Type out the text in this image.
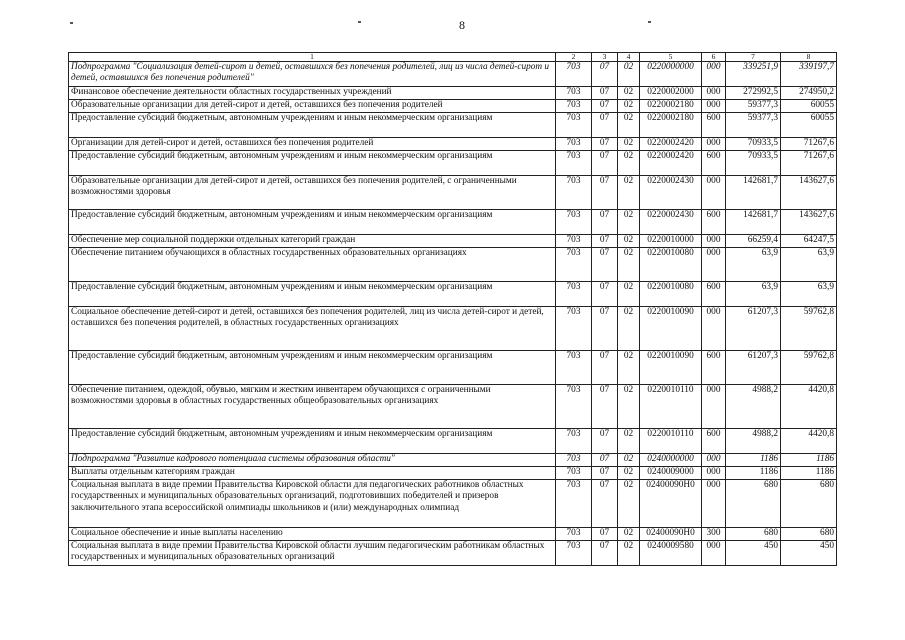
8
1	2	3	4	5	6	7	8
Подпрограмма "Социализация детей-сирот и детей, оставшихся без попечения родителей, лиц из числа детей-сирот и детей, оставшихся без попечения родителей"	703	07	02	0220000000	000	339251,9	339197,7
Финансовое обеспечение деятельности областных государственных учреждений	703	07	02	0220002000	000	272992,5	274950,2
Образовательные организации для детей-сирот и детей, оставшихся без попечения родителей	703	07	02	0220002180	000	59377,3	60055
Предоставление субсидий бюджетным, автономным учреждениям и иным некоммерческим организациям	703	07	02	0220002180	600	59377,3	60055
Организации для детей-сирот и детей, оставшихся без попечения родителей	703	07	02	0220002420	000	70933,5	71267,6
Предоставление субсидий бюджетным, автономным учреждениям и иным некоммерческим организациям	703	07	02	0220002420	600	70933,5	71267,6
Образовательные организации для детей-сирот и детей, оставшихся без попечения родителей, с ограниченными возможностями здоровья	703	07	02	0220002430	000	142681,7	143627,6
Предоставление субсидий бюджетным, автономным учреждениям и иным некоммерческим организациям	703	07	02	0220002430	600	142681,7	143627,6
Обеспечение мер социальной поддержки отдельных категорий граждан	703	07	02	0220010000	000	66259,4	64247,5
Обеспечение питанием обучающихся в областных государственных образовательных организациях	703	07	02	0220010080	000	63,9	63,9
Предоставление субсидий бюджетным, автономным учреждениям и иным некоммерческим организациям	703	07	02	0220010080	600	63,9	63,9
Социальное обеспечение детей-сирот и детей, оставшихся без попечения родителей, лиц из числа детей-сирот и детей, оставшихся без попечения родителей, в областных государственных организациях	703	07	02	0220010090	000	61207,3	59762,8
Предоставление субсидий бюджетным, автономным учреждениям и иным некоммерческим организациям	703	07	02	0220010090	600	61207,3	59762,8
Обеспечение питанием, одеждой, обувью, мягким и жестким инвентарем обучающихся с ограниченными возможностями здоровья в областных государственных общеобразовательных организациях	703	07	02	0220010110	000	4988,2	4420,8
Предоставление субсидий бюджетным, автономным учреждениям и иным некоммерческим организациям	703	07	02	0220010110	600	4988,2	4420,8
Подпрограмма "Развитие кадрового потенциала системы образования области"	703	07	02	0240000000	000	1186	1186
Выплаты отдельным категориям граждан	703	07	02	0240009000	000	1186	1186
Социальная выплата в виде премии Правительства Кировской области для педагогических работников областных государственных и муниципальных образовательных организаций, подготовивших победителей и призеров заключительного этапа всероссийской олимпиады школьников и (или) международных олимпиад	703	07	02	02400090Н0	000	680	680
Социальное обеспечение и иные выплаты населению	703	07	02	02400090Н0	300	680	680
Социальная выплата в виде премии Правительства Кировской области лучшим педагогическим работникам областных государственных и муниципальных образовательных организаций	703	07	02	0240009580	000	450	450
